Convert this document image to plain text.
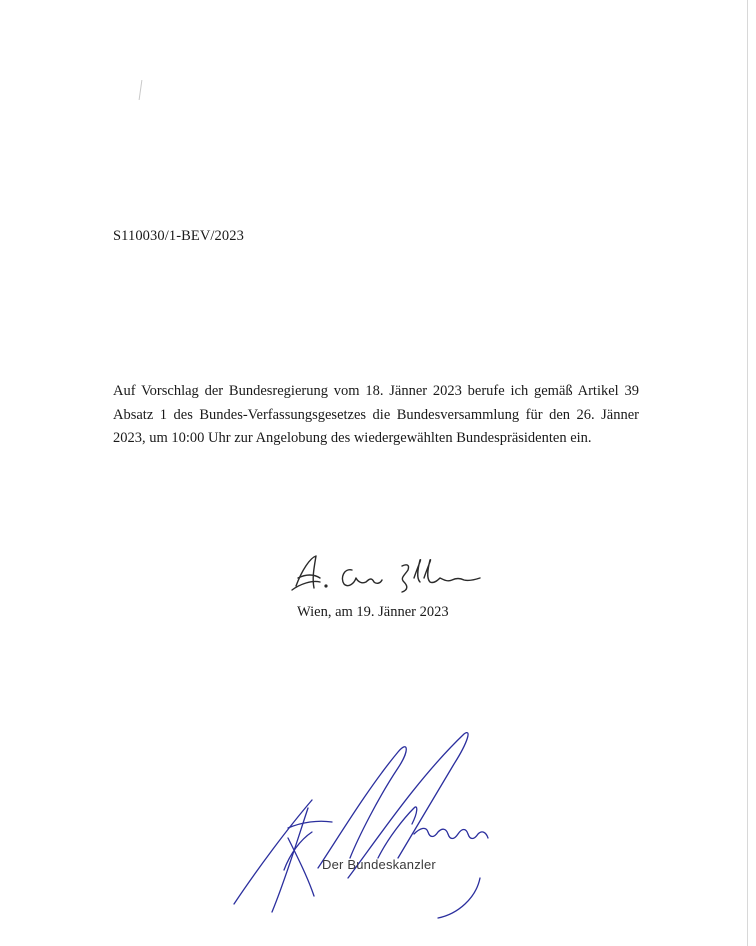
S110030/1-BEV/2023

Auf Vorschlag der Bundesregierung vom 18. Jänner 2023 berufe ich gemäß Artikel 39 Absatz 1 des Bundes-Verfassungsgesetzes die Bundesversammlung für den 26. Jänner 2023, um 10:00 Uhr zur Angelobung des wiedergewählten Bundespräsidenten ein.

Wien, am 19. Jänner 2023
Der Bundeskanzler
